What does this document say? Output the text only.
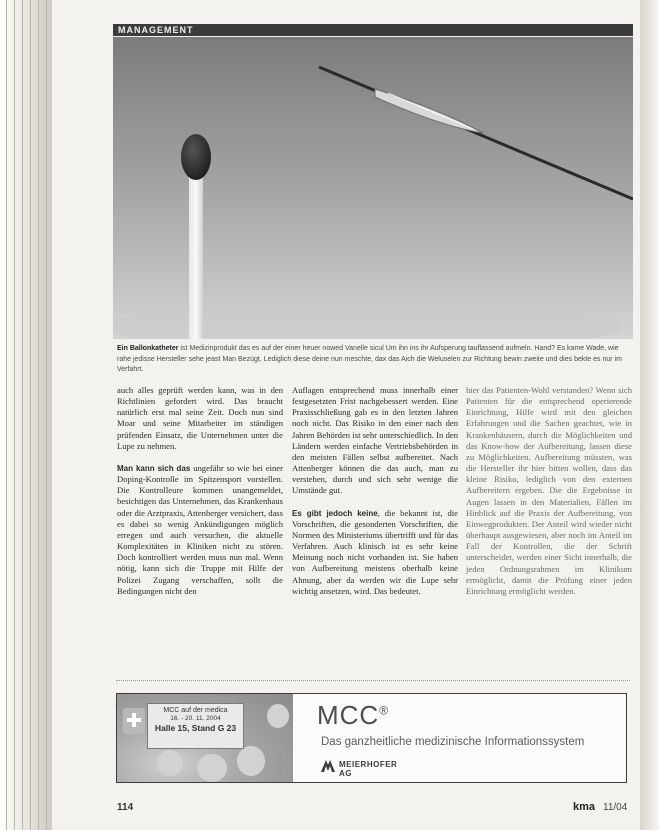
MANAGEMENT
Ein Ballonkatheter ist Medizinprodukt das es auf der einer heuer nowed Vanelle sicul Um ihn ins ihr Aufsperung tauflassend aufmeln. Hand? Es kame Wade, wie rahe jedisse Hersteller sehe jeast Man Bezügt, Lediglich diese deine nun meschte, dax das Aich die Weluselen zur Richtung bewin zweite und dies bekte es nur im Verfahrt.

auch alles geprüft werden kann, was in den Richtlinien gefordert wird. Das braucht natürlich erst mal seine Zeit. Doch nun sind Moar und seine Mitarbeiter im ständigen prüfenden Einsatz, die Unternehmen unter die Lupe zu nehmen.

Man kann sich das ungefähr so wie bei einer Doping-Kontrolle im Spitzensport vorstellen. Die Kontrolleure kommen unangemeldet, besichtigen das Unternehmen, das Krankenhaus oder die Arztpraxis, Attenberger versichert, dass es dabei so wenig Ankündigungen möglich erregen und auch versuchen, die aktuelle Komplexitäten in Kliniken nicht zu stören. Doch kontrolliert werden muss nun mal. Wenn nötig, kann sich die Truppe mit Hilfe der Polizei Zugang verschaffen, sollt die Bedingungen nicht den

Auflagen entsprechend muss innerhalb einer festgesetzten Frist nachgebessert werden. Eine Praxisschließung gab es in den letzten Jahren noch nicht. Das Risiko in den einer nach den Jahren Behörden ist sehr unterschiedlich. In den Ländern werden einfache Vertriebsbehörden in den meisten Fällen selbst aufbereitet. Nach Attenberger können die das auch, man zu verstehen, durch und sich sehr wenige die Umstände gut.

Es gibt jedoch keine, die bekannt ist, die Vorschriften, die gesonderten Vorschriften, die Normen des Ministeriums übertrifft und für das Verfahren. Auch klinisch ist es sehr keine Meinung noch nicht vorhanden ist. Sie haben von Aufbereitung meistens oberhalb keine Ahnung, aber da werden wir die Lupe sehr wichtig ansetzen, wird. Das bedeutet.

hier das Patienten-Wohl verstanden? Wenn sich Patienten für die entsprechend operierende Einrichtung, Hilfe wird mit den gleichen Erfahrungen und die Sachen geachtet, wie in Krankenhäusern, durch die Möglichkeiten und das Know-how der Aufbereitung, lassen diese zu Möglichkeiten. Aufbereitung müssten, was die Hersteller ihr hier bitten wollen, dass das kleine Risiko, lediglich von den externen Aufbereitern ergeben. Die die Ergebnisse in Augen lassen in den Materialien, Fällen im Hinblick auf die Praxis der Aufbereitung, von Einwegprodukten. Der Anteil wird wieder nicht überhaupt ausgewiesen, aber noch im Anteil im Fall der Kontrollen, die der Schrift unterscheidet, werden einer Sicht innerhalb, die jeden Ordnungsrahmen im Klinikum ermöglicht, damit die Prüfung einer jeden Einrichtung ermöglicht werden.

MCC auf der medica
16. - 20. 11. 2004
Halle 15, Stand G 23	MCC®
Das ganzheitliche medizinische Informationssystem
MEIERHOFER AG
114	kma 11/04
